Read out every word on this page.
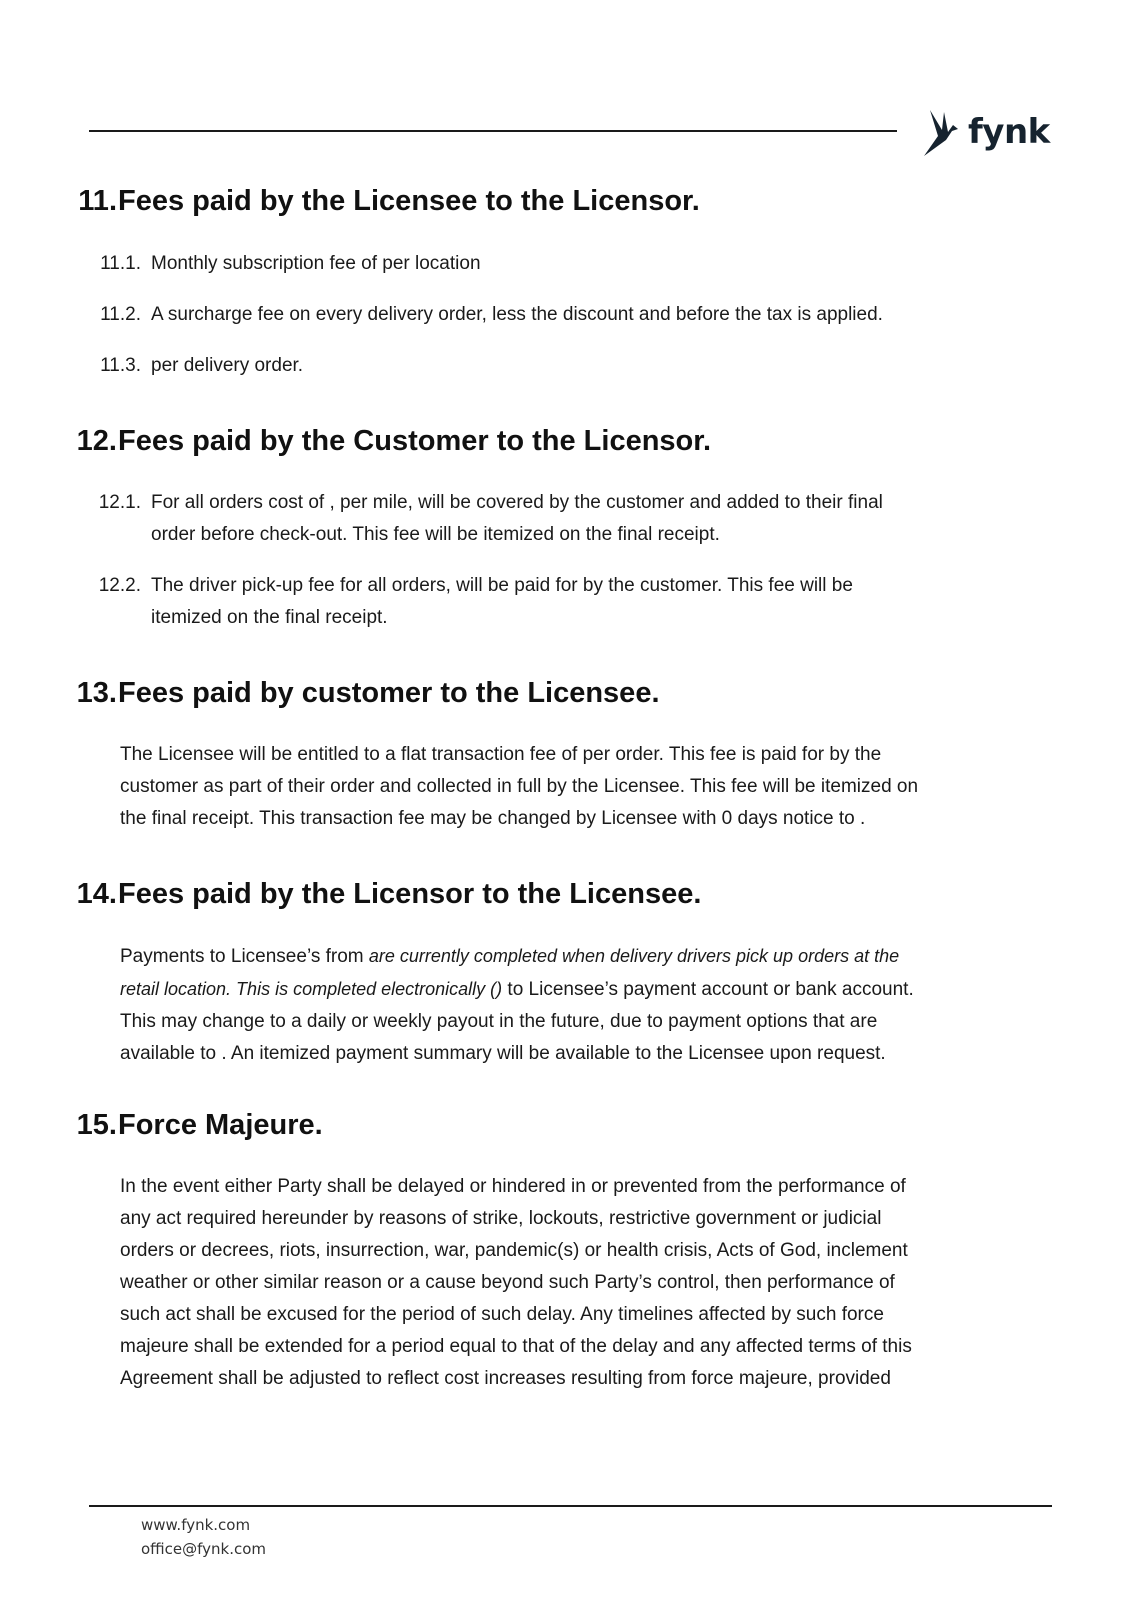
fynk
11. Fees paid by the Licensee to the Licensor.
11.1. Monthly subscription fee of per location
11.2. A surcharge fee on every delivery order, less the discount and before the tax is applied.
11.3. per delivery order.
12. Fees paid by the Customer to the Licensor.
12.1. For all orders cost of , per mile, will be covered by the customer and added to their final
order before check-out. This fee will be itemized on the final receipt.
12.2. The driver pick-up fee for all orders, will be paid for by the customer. This fee will be
itemized on the final receipt.
13. Fees paid by customer to the Licensee.
The Licensee will be entitled to a flat transaction fee of per order. This fee is paid for by the
customer as part of their order and collected in full by the Licensee. This fee will be itemized on
the final receipt. This transaction fee may be changed by Licensee with 0 days notice to .
14. Fees paid by the Licensor to the Licensee.
Payments to Licensee’s from are currently completed when delivery drivers pick up orders at the
retail location. This is completed electronically () to Licensee’s payment account or bank account.
This may change to a daily or weekly payout in the future, due to payment options that are
available to . An itemized payment summary will be available to the Licensee upon request.
15. Force Majeure.
In the event either Party shall be delayed or hindered in or prevented from the performance of
any act required hereunder by reasons of strike, lockouts, restrictive government or judicial
orders or decrees, riots, insurrection, war, pandemic(s) or health crisis, Acts of God, inclement
weather or other similar reason or a cause beyond such Party’s control, then performance of
such act shall be excused for the period of such delay. Any timelines affected by such force
majeure shall be extended for a period equal to that of the delay and any affected terms of this
Agreement shall be adjusted to reflect cost increases resulting from force majeure, provided
www.fynk.com
office@fynk.com
